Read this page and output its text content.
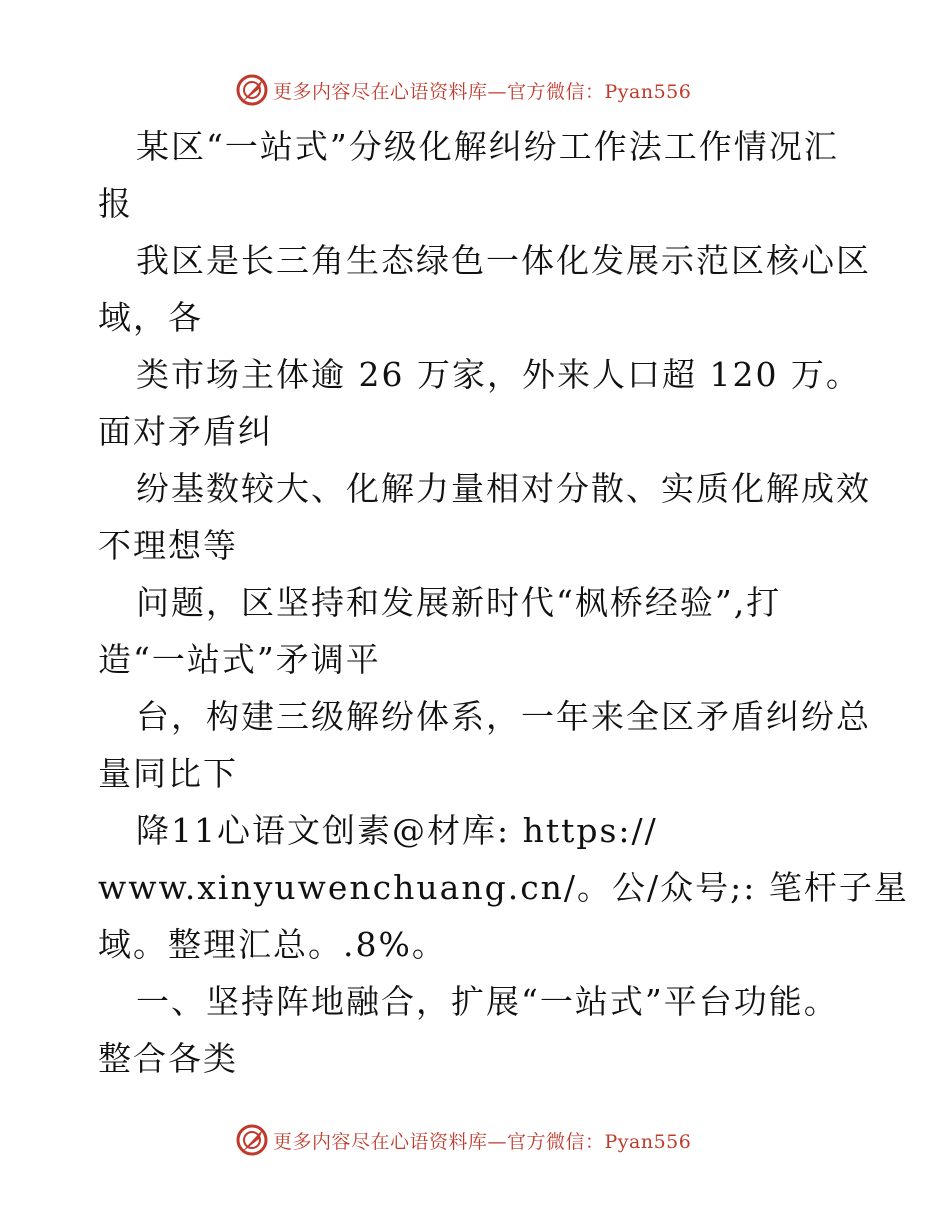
更多内容尽在心语资料库—官方微信：Pyan556
某区“一站式”分级化解纠纷工作法工作情况汇
报
我区是长三角生态绿色一体化发展示范区核心区
域，各
类市场主体逾 26 万家，外来人口超 120 万。
面对矛盾纠
纷基数较大、化解力量相对分散、实质化解成效
不理想等
问题，区坚持和发展新时代“枫桥经验”,打
造“一站式”矛调平
台，构建三级解纷体系，一年来全区矛盾纠纷总
量同比下
降11心语文创素@材库: https://
www.xinyuwenchuang.cn/。公/众号;: 笔杆子星
域。整理汇总。.8%。
一、坚持阵地融合，扩展“一站式”平台功能。
整合各类
更多内容尽在心语资料库—官方微信：Pyan556
